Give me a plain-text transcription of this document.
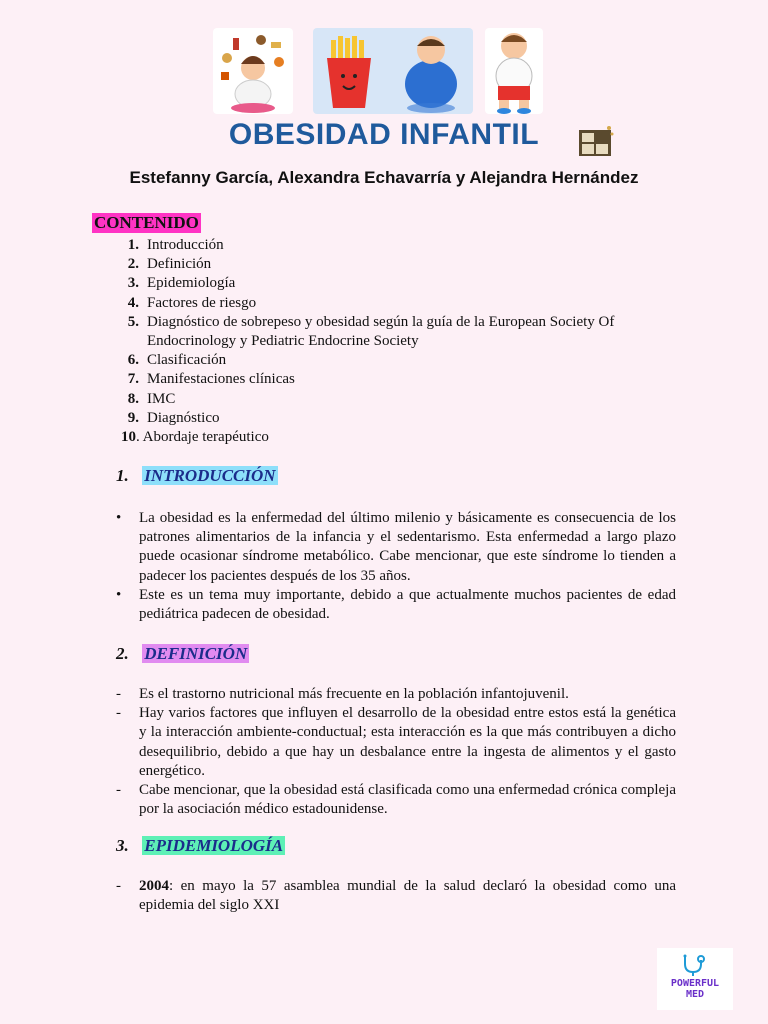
OBESIDAD INFANTIL
Estefanny García, Alexandra Echavarría y Alejandra Hernández
CONTENIDO
1. Introducción
2. Definición
3. Epidemiología
4. Factores de riesgo
5. Diagnóstico de sobrepeso y obesidad según la guía de la European Society Of Endocrinology y Pediatric Endocrine Society
6. Clasificación
7. Manifestaciones clínicas
8. IMC
9. Diagnóstico
10 . Abordaje terapéutico
1. INTRODUCCIÓN
•	La obesidad es la enfermedad del último milenio y básicamente es consecuencia de los patrones alimentarios de la infancia y el sedentarismo. Esta enfermedad a largo plazo puede ocasionar síndrome metabólico. Cabe mencionar, que este síndrome lo tienden a padecer los pacientes después de los 35 años.
•	Este es un tema muy importante, debido a que actualmente muchos pacientes de edad pediátrica padecen de obesidad.
2. DEFINICIÓN
-	Es el trastorno nutricional más frecuente en la población infantojuvenil.
-	Hay varios factores que influyen el desarrollo de la obesidad entre estos está la genética y la interacción ambiente-conductual; esta interacción es la que más contribuyen a dicho desequilibrio, debido a que hay un desbalance entre la ingesta de alimentos y el gasto energético.
-	Cabe mencionar, que la obesidad está clasificada como una enfermedad crónica compleja por la asociación médico estadounidense.
3. EPIDEMIOLOGÍA
-	2004: en mayo la 57 asamblea mundial de la salud declaró la obesidad como una epidemia del siglo XXI
POWERFUL
MED
